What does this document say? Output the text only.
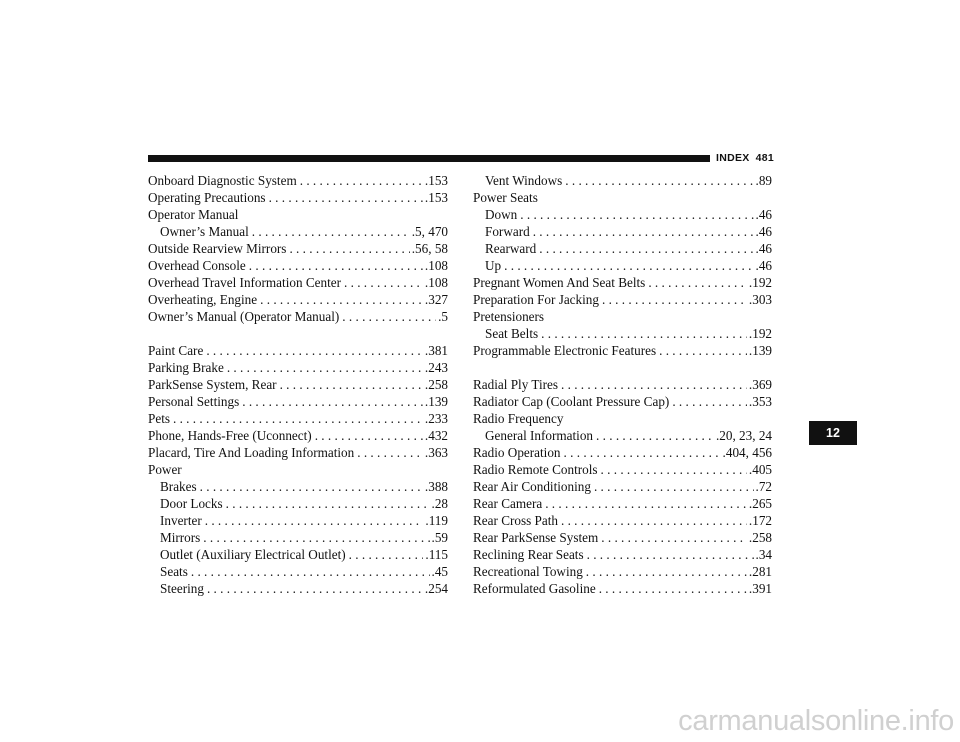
INDEX 481
Onboard Diagnostic System . . .	.153
Operating Precautions . . .	.153
Operator Manual
Owner’s Manual . . .	.5, 470
Outside Rearview Mirrors . . .	.56, 58
Overhead Console . . .	.108
Overhead Travel Information Center . . .	.108
Overheating, Engine . . .	.327
Owner’s Manual (Operator Manual) . . .	.5
Paint Care . . .	.381
Parking Brake . . .	.243
ParkSense System, Rear . . .	.258
Personal Settings . . .	.139
Pets . . .	.233
Phone, Hands-Free (Uconnect) . . .	.432
Placard, Tire And Loading Information . . .	.363
Power
Brakes . . .	.388
Door Locks . . .	.28
Inverter . . .	.119
Mirrors . . .	.59
Outlet (Auxiliary Electrical Outlet) . . .	.115
Seats . . .	.45
Steering . . .	.254
Vent Windows . . .	.89
Power Seats
Down . . .	.46
Forward . . .	.46
Rearward . . .	.46
Up . . .	.46
Pregnant Women And Seat Belts . . .	.192
Preparation For Jacking . . .	.303
Pretensioners
Seat Belts . . .	.192
Programmable Electronic Features . . .	.139
Radial Ply Tires . . .	.369
Radiator Cap (Coolant Pressure Cap) . . .	.353
Radio Frequency
General Information . . .	.20, 23, 24
Radio Operation . . .	.404, 456
Radio Remote Controls . . .	.405
Rear Air Conditioning . . .	.72
Rear Camera . . .	.265
Rear Cross Path . . .	.172
Rear ParkSense System . . .	.258
Reclining Rear Seats . . .	.34
Recreational Towing . . .	.281
Reformulated Gasoline . . .	.391
12
carmanualsonline.info
